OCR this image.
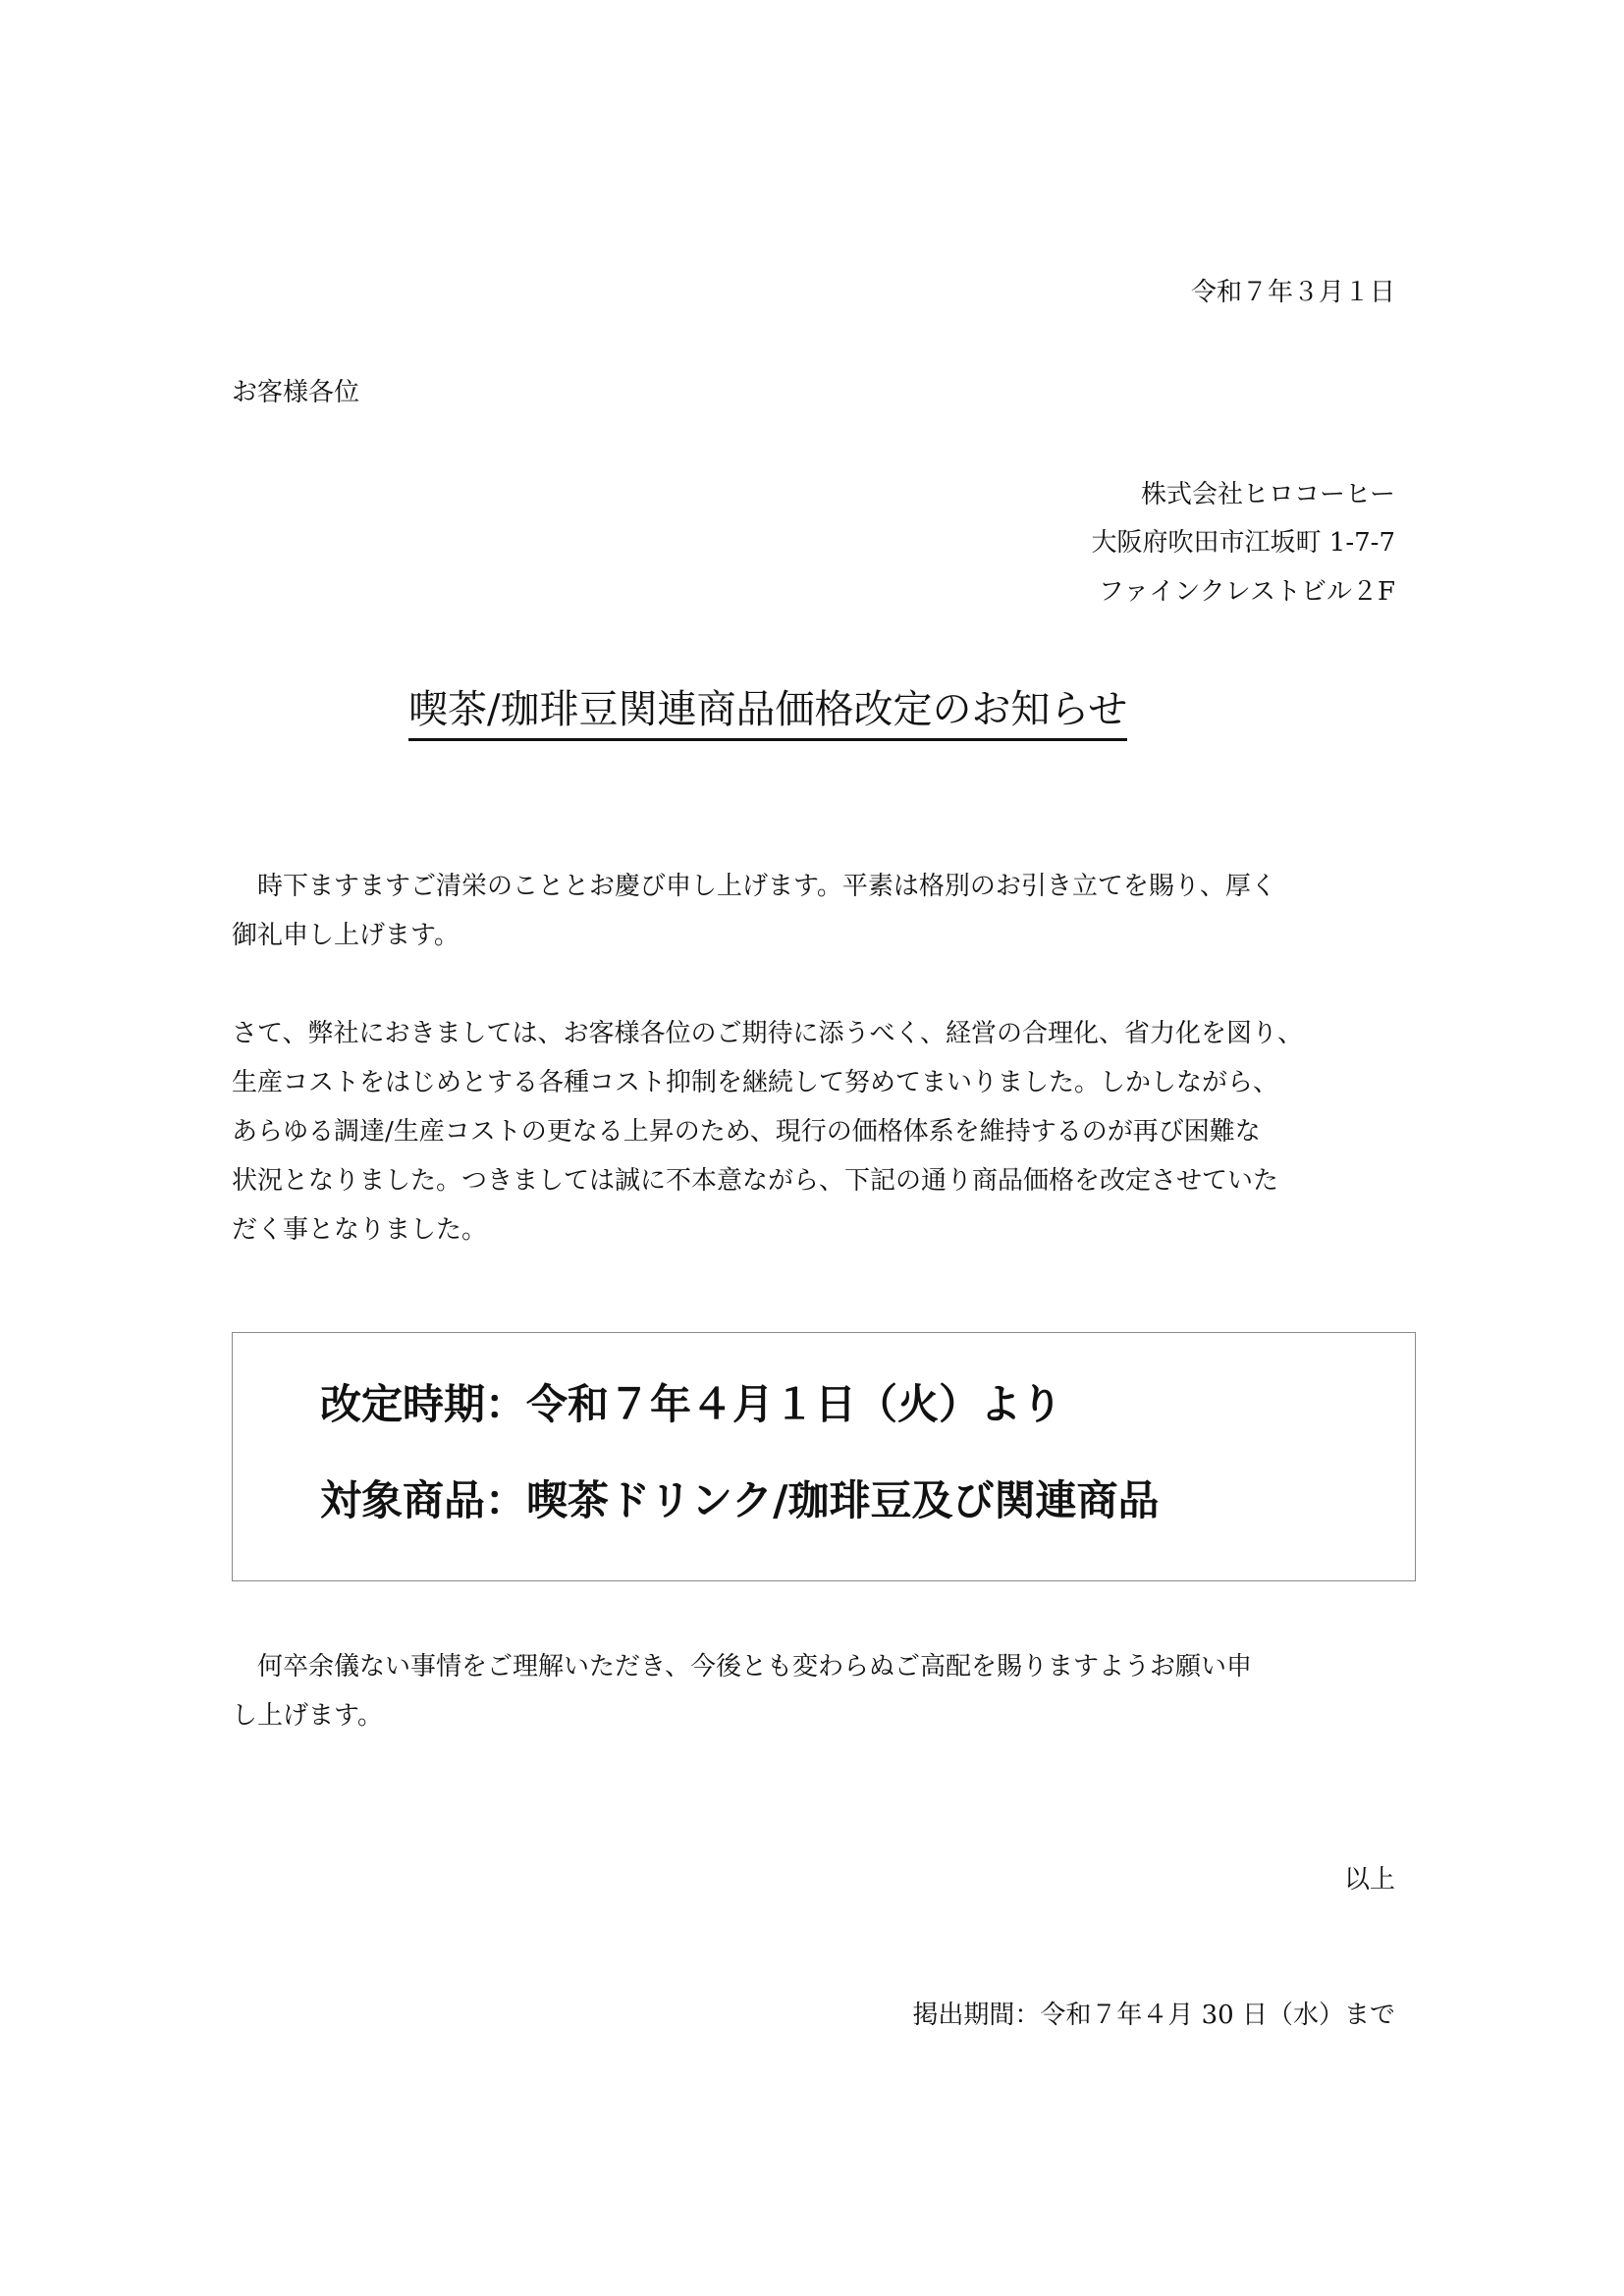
令和７年３月１日
お客様各位
株式会社ヒロコーヒー
大阪府吹田市江坂町 1-7-7
ファインクレストビル２F
喫茶/珈琲豆関連商品価格改定のお知らせ
　時下ますますご清栄のこととお慶び申し上げます。平素は格別のお引き立てを賜り、厚く
御礼申し上げます。
さて、弊社におきましては、お客様各位のご期待に添うべく、経営の合理化、省力化を図り、
生産コストをはじめとする各種コスト抑制を継続して努めてまいりました。しかしながら、
あらゆる調達/生産コストの更なる上昇のため、現行の価格体系を維持するのが再び困難な
状況となりました。つきましては誠に不本意ながら、下記の通り商品価格を改定させていた
だく事となりました。
改定時期：令和７年４月１日（火）より
対象商品：喫茶ドリンク/珈琲豆及び関連商品
　何卒余儀ない事情をご理解いただき、今後とも変わらぬご高配を賜りますようお願い申
し上げます。
以上
掲出期間：令和７年４月 30 日（水）まで
